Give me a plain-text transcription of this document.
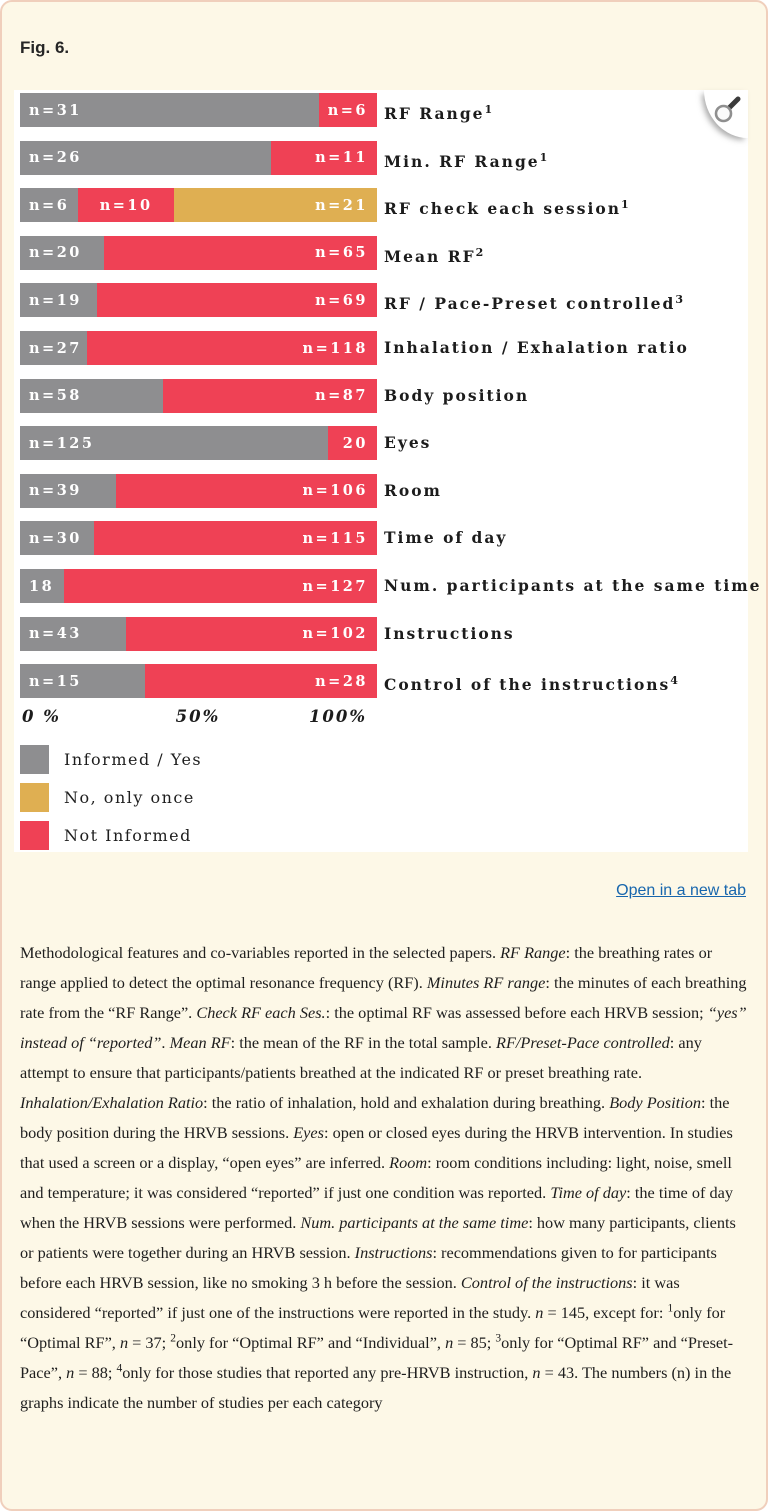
Fig. 6.
n=31	n=6	RF Range$^1$
n=26	n=11	Min. RF Range$^1$
n=6	n=10	n=21	RF check each session$^1$
n=20	n=65	Mean $RF^2$
n=19	n=69	RF / Pace-Preset controlled$^3$
n=27	n=118	Inhalation / Exhalation ratio
n=58	n=87	Body position
n=125	20	Eyes
n=39	n=106	Room
n=30	n=115	Time of day
18	n=127	Num. participants at the same time
n=43	n=102	Instructions
n=15	n=28	Control of the instructions$^4$
0 %	50%	100%
Informed / Yes
No, only once
Not Informed
Open in a new tab
Methodological features and co-variables reported in the selected papers. RF Range: the breathing rates or range applied to detect the optimal resonance frequency (RF). Minutes RF range: the minutes of each breathing rate from the “RF Range”. Check RF each Ses.: the optimal RF was assessed before each HRVB session; “yes” instead of “reported”. Mean RF: the mean of the RF in the total sample. RF/Preset-Pace controlled: any attempt to ensure that participants/patients breathed at the indicated RF or preset breathing rate. Inhalation/Exhalation Ratio: the ratio of inhalation, hold and exhalation during breathing. Body Position: the body position during the HRVB sessions. Eyes: open or closed eyes during the HRVB intervention. In studies that used a screen or a display, “open eyes” are inferred. Room: room conditions including: light, noise, smell and temperature; it was considered “reported” if just one condition was reported. Time of day: the time of day when the HRVB sessions were performed. Num. participants at the same time: how many participants, clients or patients were together during an HRVB session. Instructions: recommendations given to for participants before each HRVB session, like no smoking 3 h before the session. Control of the instructions: it was considered “reported” if just one of the instructions were reported in the study. n = 145, except for: $^1$only for “Optimal RF”, n = 37; $^2$only for “Optimal RF” and “Individual”, n = 85; $^3$only for “Optimal RF” and “Preset-Pace”, n = 88; $^4$only for those studies that reported any pre-HRVB instruction, n = 43. The numbers (n) in the graphs indicate the number of studies per each category
